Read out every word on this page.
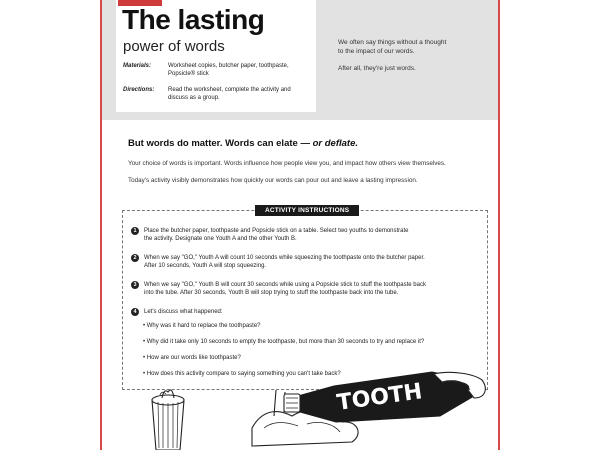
The lasting
power of words
Materials:	Worksheet copies, butcher paper, toothpaste,
Popsicle® stick
Directions:	Read the worksheet, complete the activity and
discuss as a group.

We often say things without a thought
to the impact of our words.

After all, they're just words.

But words do matter. Words can elate — or deflate.
Your choice of words is important. Words influence how people view you, and impact how others view themselves.
Today's activity visibly demonstrates how quickly our words can pour out and leave a lasting impression.
ACTIVITY INSTRUCTIONS
1	Place the butcher paper, toothpaste and Popsicle stick on a table. Select two youths to demonstrate
the activity. Designate one Youth A and the other Youth B.
2	When we say "GO," Youth A will count 10 seconds while squeezing the toothpaste onto the butcher paper.
After 10 seconds, Youth A will stop squeezing.
3	When we say "GO," Youth B will count 30 seconds while using a Popsicle stick to stuff the toothpaste back
into the tube. After 30 seconds, Youth B will stop trying to stuff the toothpaste back into the tube.
4	Let's discuss what happened:
• Why was it hard to replace the toothpaste?
• Why did it take only 10 seconds to empty the toothpaste, but more than 30 seconds to try and replace it?
• How are our words like toothpaste?
• How does this activity compare to saying something you can't take back?
TOOTH
